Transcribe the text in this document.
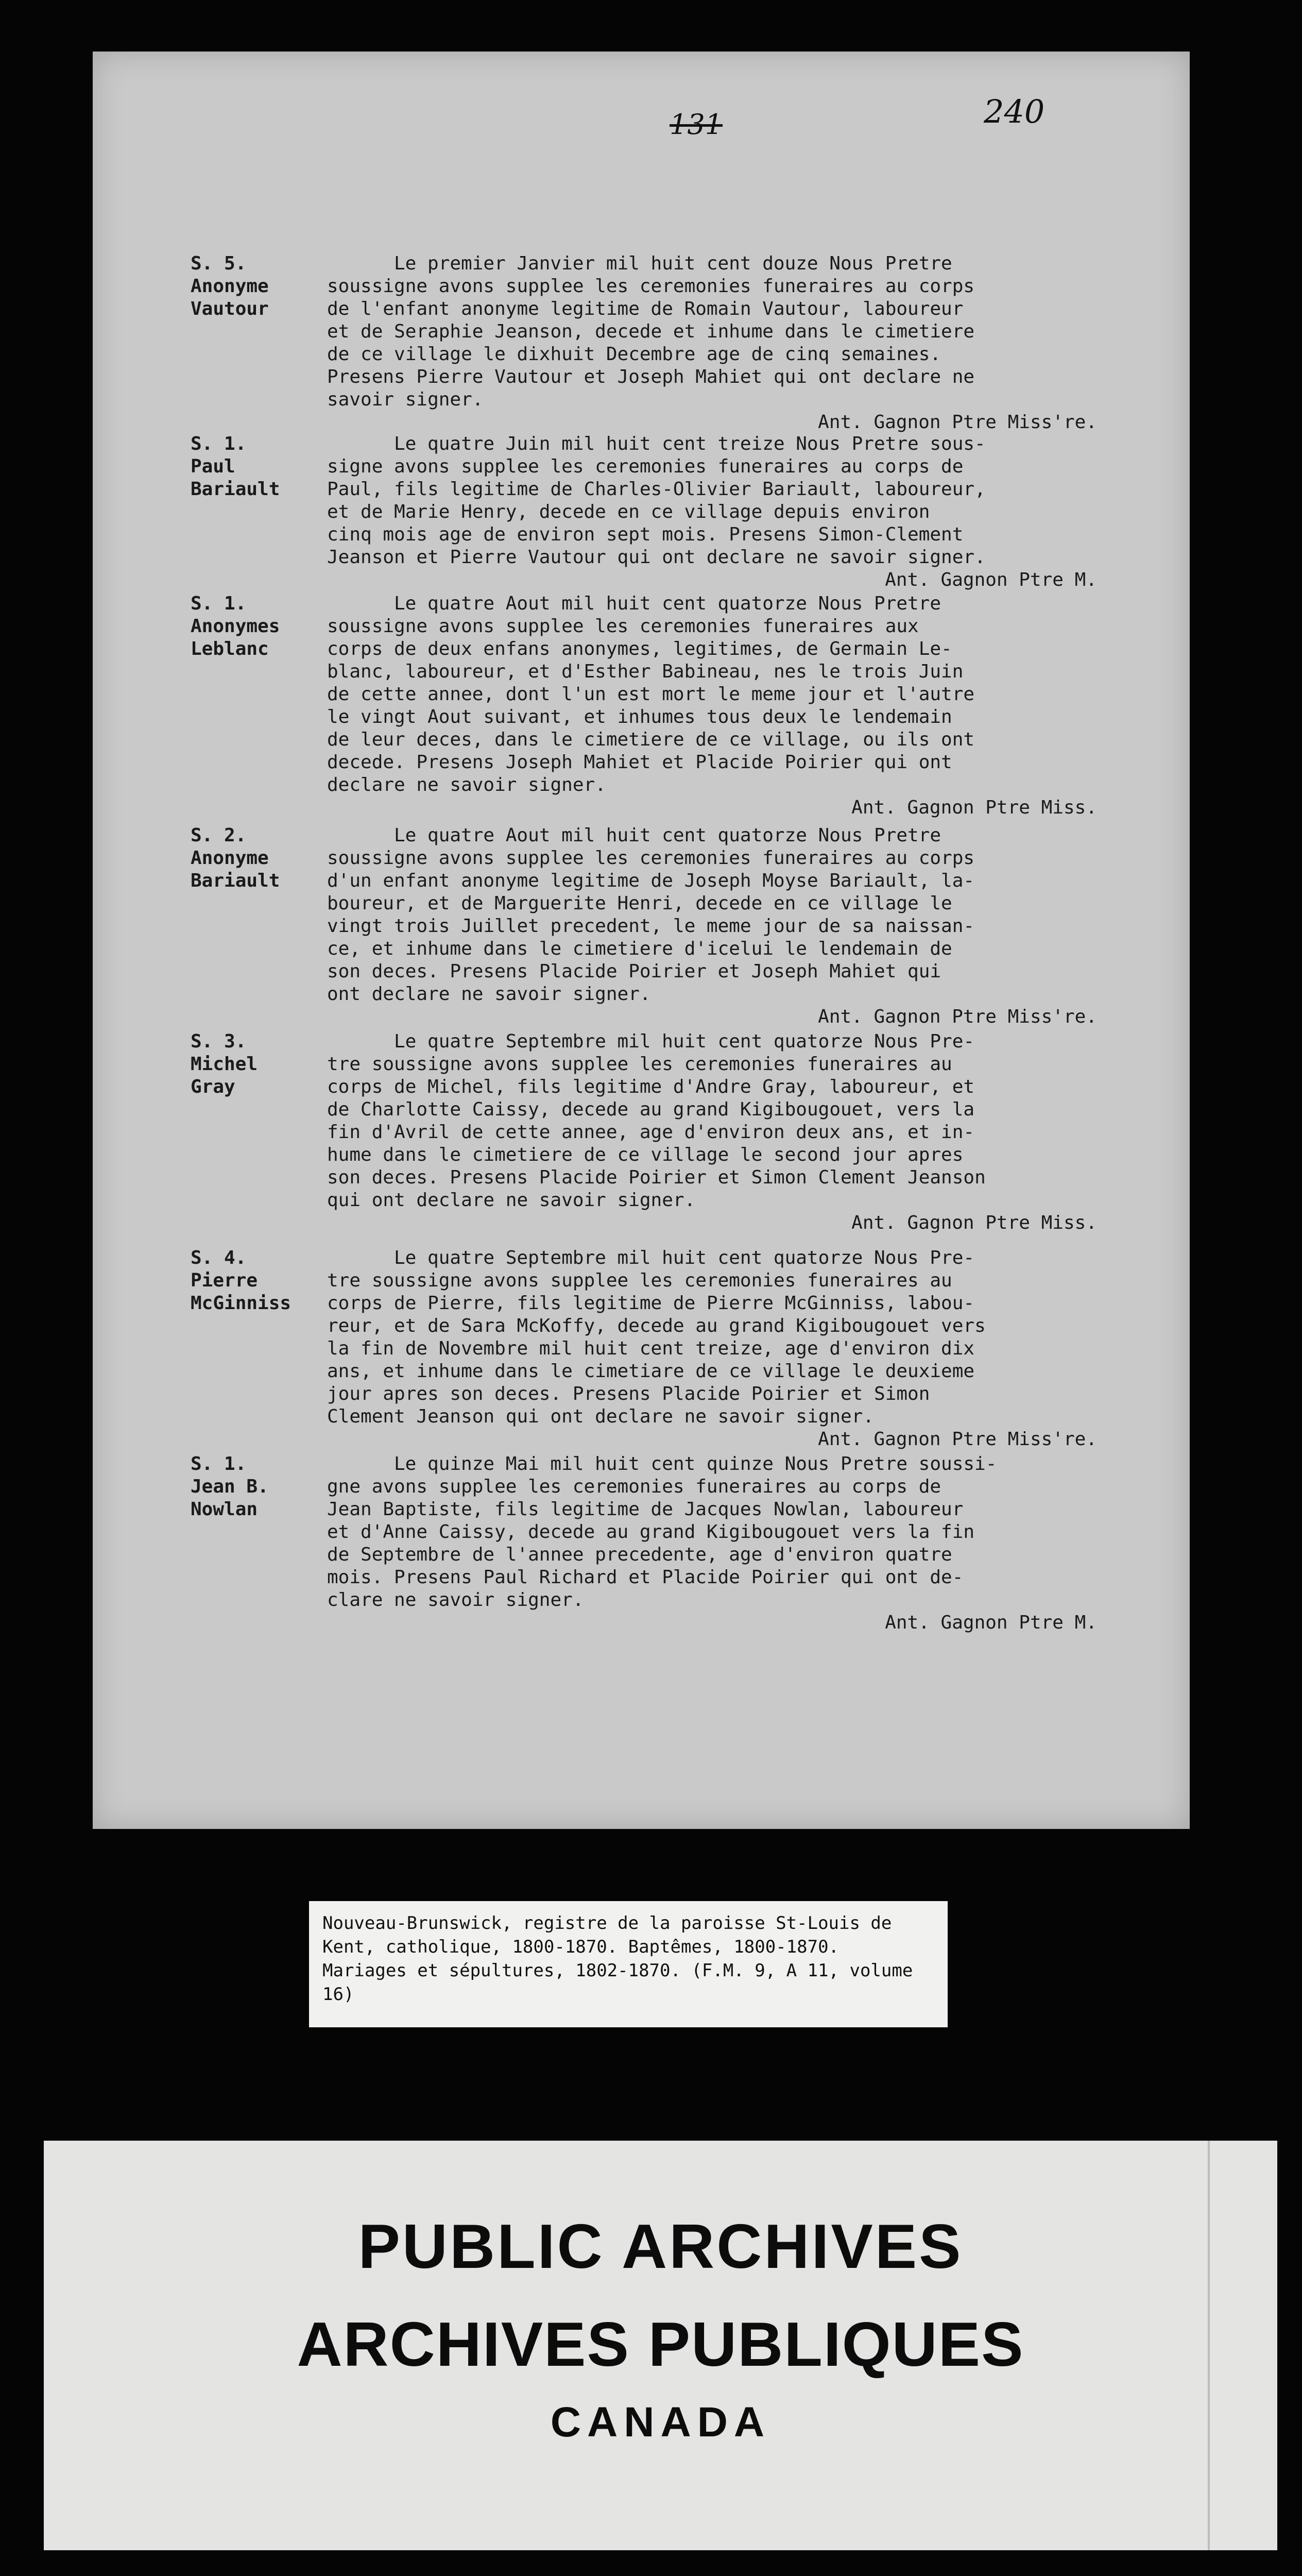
131	240
S. 5.
Anonyme
Vautour
Le premier Janvier mil huit cent douze Nous Pretre
soussigne avons supplee les ceremonies funeraires au corps
de l'enfant anonyme legitime de Romain Vautour, laboureur
et de Seraphie Jeanson, decede et inhume dans le cimetiere
de ce village le dixhuit Decembre age de cinq semaines.
Presens Pierre Vautour et Joseph Mahiet qui ont declare ne
savoir signer.
Ant. Gagnon Ptre Miss're.
S. 1.
Paul
Bariault
Le quatre Juin mil huit cent treize Nous Pretre sous-
signe avons supplee les ceremonies funeraires au corps de
Paul, fils legitime de Charles-Olivier Bariault, laboureur,
et de Marie Henry, decede en ce village depuis environ
cinq mois age de environ sept mois. Presens Simon-Clement
Jeanson et Pierre Vautour qui ont declare ne savoir signer.
Ant. Gagnon Ptre M.
S. 1.
Anonymes
Leblanc
Le quatre Aout mil huit cent quatorze Nous Pretre
soussigne avons supplee les ceremonies funeraires aux
corps de deux enfans anonymes, legitimes, de Germain Le-
blanc, laboureur, et d'Esther Babineau, nes le trois Juin
de cette annee, dont l'un est mort le meme jour et l'autre
le vingt Aout suivant, et inhumes tous deux le lendemain
de leur deces, dans le cimetiere de ce village, ou ils ont
decede. Presens Joseph Mahiet et Placide Poirier qui ont
declare ne savoir signer.
Ant. Gagnon Ptre Miss.
S. 2.
Anonyme
Bariault
Le quatre Aout mil huit cent quatorze Nous Pretre
soussigne avons supplee les ceremonies funeraires au corps
d'un enfant anonyme legitime de Joseph Moyse Bariault, la-
boureur, et de Marguerite Henri, decede en ce village le
vingt trois Juillet precedent, le meme jour de sa naissan-
ce, et inhume dans le cimetiere d'icelui le lendemain de
son deces. Presens Placide Poirier et Joseph Mahiet qui
ont declare ne savoir signer.
Ant. Gagnon Ptre Miss're.
S. 3.
Michel
Gray
Le quatre Septembre mil huit cent quatorze Nous Pre-
tre soussigne avons supplee les ceremonies funeraires au
corps de Michel, fils legitime d'Andre Gray, laboureur, et
de Charlotte Caissy, decede au grand Kigibougouet, vers la
fin d'Avril de cette annee, age d'environ deux ans, et in-
hume dans le cimetiere de ce village le second jour apres
son deces. Presens Placide Poirier et Simon Clement Jeanson
qui ont declare ne savoir signer.
Ant. Gagnon Ptre Miss.
S. 4.
Pierre
McGinniss
Le quatre Septembre mil huit cent quatorze Nous Pre-
tre soussigne avons supplee les ceremonies funeraires au
corps de Pierre, fils legitime de Pierre McGinniss, labou-
reur, et de Sara McKoffy, decede au grand Kigibougouet vers
la fin de Novembre mil huit cent treize, age d'environ dix
ans, et inhume dans le cimetiare de ce village le deuxieme
jour apres son deces. Presens Placide Poirier et Simon
Clement Jeanson qui ont declare ne savoir signer.
Ant. Gagnon Ptre Miss're.
S. 1.
Jean B.
Nowlan
Le quinze Mai mil huit cent quinze Nous Pretre soussi-
gne avons supplee les ceremonies funeraires au corps de
Jean Baptiste, fils legitime de Jacques Nowlan, laboureur
et d'Anne Caissy, decede au grand Kigibougouet vers la fin
de Septembre de l'annee precedente, age d'environ quatre
mois. Presens Paul Richard et Placide Poirier qui ont de-
clare ne savoir signer.
Ant. Gagnon Ptre M.
Nouveau-Brunswick, registre de la paroisse St-Louis de
Kent, catholique, 1800-1870. Baptêmes, 1800-1870.
Mariages et sépultures, 1802-1870. (F.M. 9, A 11, volume
16)
PUBLIC ARCHIVES
ARCHIVES PUBLIQUES
CANADA
